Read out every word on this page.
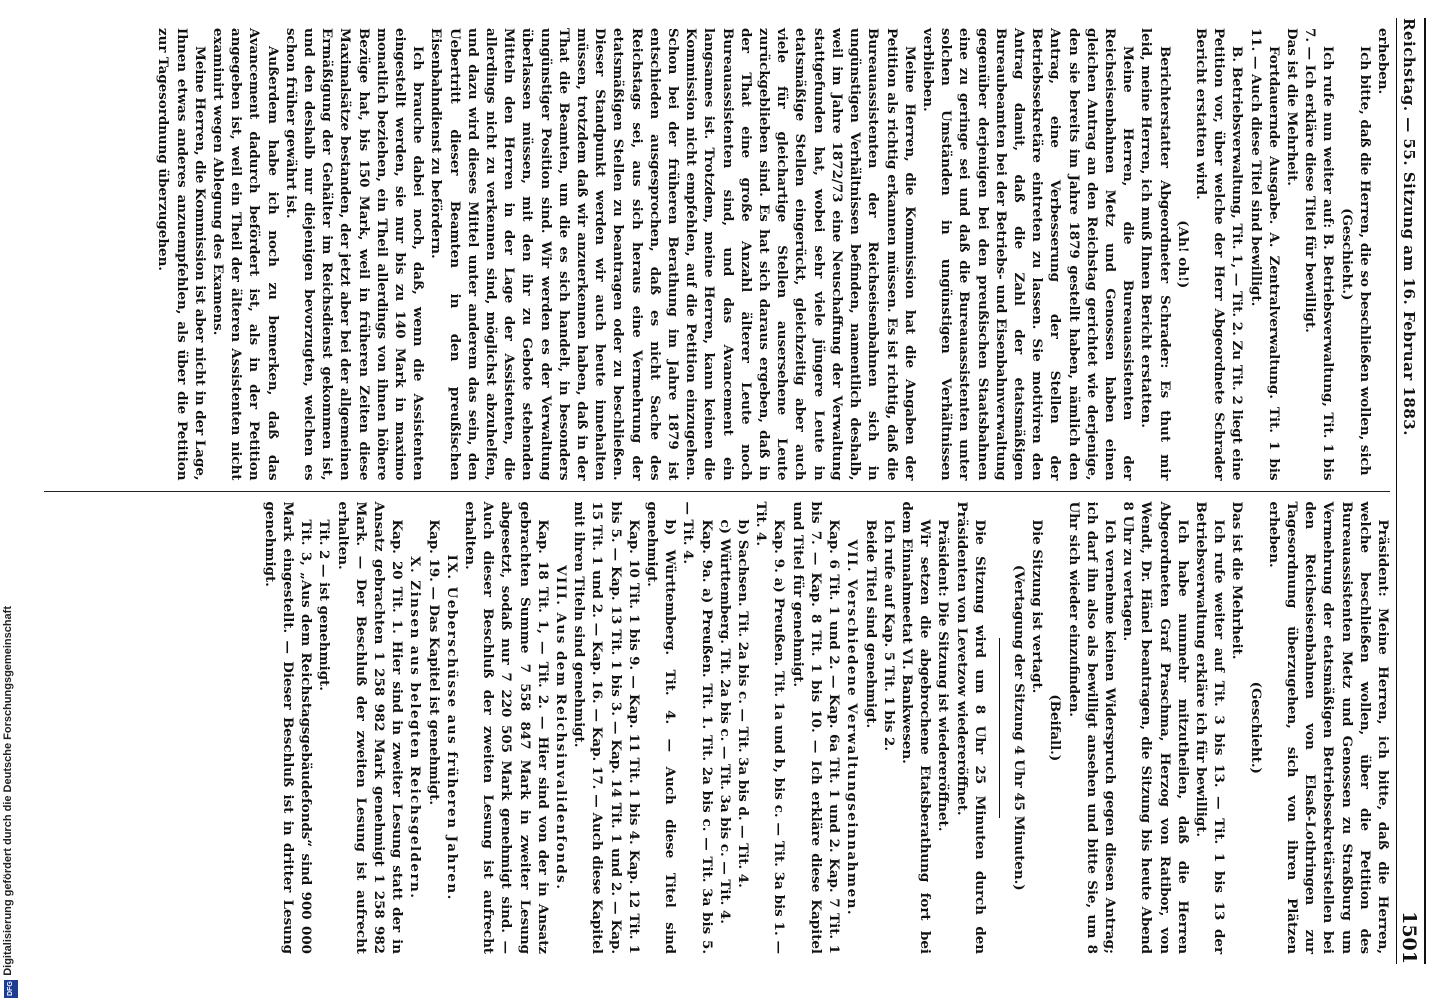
Reichstag. — 55. Sitzung am 16. Februar 1883.
1501

erheben.

Ich bitte, daß die Herren, die so beschließen wollen, sich

(Geschieht.)

Ich rufe nun weiter auf: B. Betriebsverwaltung, Tit. 1 bis 7. — Ich erkläre diese Titel für bewilligt.

Das ist die Mehrheit.

Fortdauernde Ausgabe. A. Zentralverwaltung. Tit. 1 bis 11. — Auch diese Titel sind bewilligt.

B. Betriebsverwaltung, Tit. 1, — Tit. 2. Zu Tit. 2 liegt eine Petition vor, über welche der Herr Abgeordnete Schrader Bericht erstatten wird.

(Ah! oh!)

Berichterstatter Abgeordneter Schrader: Es thut mir leid, meine Herren, ich muß Ihnen Bericht erstatten.

Meine Herren, die Bureauassistenten der Reichseisenbahnen Metz und Genossen haben einen gleichen Antrag an den Reichstag gerichtet wie derjenige, den sie bereits im Jahre 1879 gestellt haben, nämlich den Antrag, eine Verbesserung der Stellen der Betriebssekretäre eintreten zu lassen. Sie motiviren den Antrag damit, daß die Zahl der etatsmäßigen Bureaubeamten bei der Betriebs- und Eisenbahnverwaltung gegenüber derjenigen bei den preußischen Staatsbahnen eine zu geringe sei und daß die Bureauassistenten unter solchen Umständen in ungünstigen Verhältnissen verblieben.

Meine Herren, die Kommission hat die Angaben der Petition als richtig erkannen müssen. Es ist richtig, daß die Bureauassistenten der Reichseisenbahnen sich in ungünstigen Verhältnissen befinden, namentlich deshalb, weil im Jahre 1872/73 eine Neuschaffung der Verwaltung stattgefunden hat, wobei sehr viele jüngere Leute in etatsmäßige Stellen eingerückt, gleichzeitig aber auch viele für gleichartige Stellen ausersehene Leute zurückgeblieben sind. Es hat sich daraus ergeben, daß in der That eine große Anzahl älterer Leute noch Bureauassistenten sind, und das Avancement ein langsames ist. Trotzdem, meine Herren, kann keinen die Kommission nicht empfehlen, auf die Petition einzugehen. Schon bei der früheren Berathung im Jahre 1879 ist entschieden ausgesprochen, daß es nicht Sache des Reichstags sei, aus sich heraus eine Vermehrung der etatsmäßigen Stellen zu beantragen oder zu beschließen. Dieser Standpunkt werden wir auch heute innehalten müssen, trotzdem daß wir anzuerkennen haben, daß in der That die Beamten, um die es sich handelt, in besonders ungünstiger Position sind. Wir werden es der Verwaltung überlassen müssen, mit den ihr zu Gebote stehenden Mitteln den Herren in der Lage der Assistenten, die allerdings nicht zu verkennen sind, möglichst abzuhelfen, und dazu wird dieses Mittel unter anderem das sein, den Uebertritt dieser Beamten in den preußischen Eisenbahndienst zu befördern.

Ich brauche dabei noch, daß, wenn die Assistenten eingestellt werden, sie nur bis zu 140 Mark in maximo monatlich beziehen, ein Theil allerdings von ihnen höhere Bezüge hat, bis 150 Mark, weil in früheren Zeiten diese Maximalsätze bestanden, der jetzt aber bei der allgemeinen Ermäßigung der Gehälter im Reichsdienst gekommen ist, und den deshalb nur diejenigen bevorzugten, welchen es schon früher gewährt ist.

Außerdem habe ich noch zu bemerken, daß das Avancement dadurch befördert ist, als in der Petition angegeben ist, weil ein Theil der älteren Assistenten nicht examinirt wegen Ablegung des Examens.

Meine Herren, die Kommission ist aber nicht in der Lage, Ihnen etwas anderes anzuempfehlen, als über die Petition zur Tagesordnung überzugehen.

Präsident: Meine Herren, ich bitte, daß die Herren, welche beschließen wollen, über die Petition des Bureauassistenten Metz und Genossen zu Straßburg um Vermehrung der etatsmäßigen Betriebssekretärstellen bei den Reichseisenbahnen von Elsaß-Lothringen zur Tagesordnung überzugehen, sich von ihren Plätzen erheben.

(Geschieht.)

Das ist die Mehrheit.

Ich rufe weiter auf Tit. 3 bis 13. — Tit. 1 bis 13 der Betriebsverwaltung erkläre ich für bewilligt.

Ich habe nunmehr mitzutheilen, daß die Herren Abgeordneten Graf Praschma, Herzog von Ratibor, von Wendt, Dr. Hänel beantragen, die Sitzung bis heute Abend 8 Uhr zu vertagen.

Ich vernehme keinen Widerspruch gegen diesen Antrag; ich darf ihn also als bewilligt ansehen und bitte Sie, um 8 Uhr sich wieder einzufinden.

(Beifall.)

Die Sitzung ist vertagt.

(Vertagung der Sitzung 4 Uhr 45 Minuten.)

Die Sitzung wird um 8 Uhr 25 Minuten durch den Präsidenten von Levetzow wiedereröffnet.

Präsident: Die Sitzung ist wiedereröffnet.

Wir setzen die abgebrochene Etatsberathung fort bei dem Einnahmeetat VI. Bankwesen.

Ich rufe auf Kap. 5 Tit. 1 bis 2.

Beide Titel sind genehmigt.

VII. Verschiedene Verwaltungseinnahmen.

Kap. 6 Tit. 1 und 2. — Kap. 6a Tit. 1 und 2. Kap. 7 Tit. 1 bis 7. — Kap. 8 Tit. 1 bis 10. — Ich erkläre diese Kapitel und Titel für genehmigt.

Kap. 9. a) Preußen. Tit. 1a und b, bis c. — Tit. 3a bis 1. — Tit. 4.

b) Sachsen. Tit. 2a bis c. — Tit. 3a bis d. — Tit. 4.

c) Württemberg. Tit. 2a bis c. — Tit. 3a bis c. — Tit. 4.

Kap. 9a. a) Preußen. Tit. 1. Tit. 2a bis c. — Tit. 3a bis 5. — Tit. 4.

b) Württemberg. Tit. 4. — Auch diese Titel sind genehmigt.

Kap. 10 Tit. 1 bis 9. — Kap. 11 Tit. 1 bis 4. Kap. 12 Tit. 1 bis 5. — Kap. 13 Tit. 1 bis 3. — Kap. 14 Tit. 1 und 2. — Kap. 15 Tit. 1 und 2. — Kap. 16. — Kap. 17. — Auch diese Kapitel mit ihren Titeln sind genehmigt.

VIII. Aus dem Reichsinvalidenfonds.

Kap. 18 Tit. 1, — Tit. 2. — Hier sind von der in Ansatz gebrachten Summe 7 558 847 Mark in zweiter Lesung abgesetzt, sodaß nur 7 220 505 Mark genehmigt sind. — Auch dieser Beschluß der zweiten Lesung ist aufrecht erhalten.

IX. Ueberschüsse aus früheren Jahren.

Kap. 19. — Das Kapitel ist genehmigt.

X. Zinsen aus belegten Reichsgeldern.

Kap. 20 Tit. 1. Hier sind in zweiter Lesung statt der in Ansatz gebrachten 1 258 982 Mark genehmigt 1 258 982 Mark. — Der Beschluß der zweiten Lesung ist aufrecht erhalten.

Tit. 2 — ist genehmigt.

Tit. 3, „Aus dem Reichstagsgebäudefonds“ sind 900 000 Mark eingestellt. — Dieser Beschluß ist in dritter Lesung genehmigt.

Digitalisierung gefördert durch die Deutsche Forschungsgemeinschaft
DFG
